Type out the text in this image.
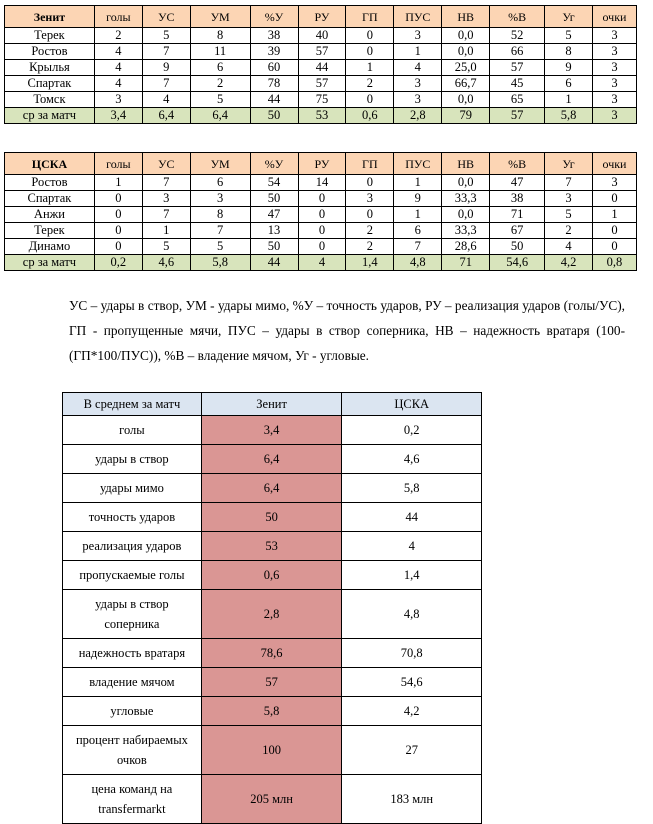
Зенит	голы	УС	УМ	%У	РУ	ГП	ПУС	НВ	%В	Уг	очки
Терек	2	5	8	38	40	0	3	0,0	52	5	3
Ростов	4	7	11	39	57	0	1	0,0	66	8	3
Крылья	4	9	6	60	44	1	4	25,0	57	9	3
Спартак	4	7	2	78	57	2	3	66,7	45	6	3
Томск	3	4	5	44	75	0	3	0,0	65	1	3
ср за матч	3,4	6,4	6,4	50	53	0,6	2,8	79	57	5,8	3
ЦСКА	голы	УС	УМ	%У	РУ	ГП	ПУС	НВ	%В	Уг	очки
Ростов	1	7	6	54	14	0	1	0,0	47	7	3
Спартак	0	3	3	50	0	3	9	33,3	38	3	0
Анжи	0	7	8	47	0	0	1	0,0	71	5	1
Терек	0	1	7	13	0	2	6	33,3	67	2	0
Динамо	0	5	5	50	0	2	7	28,6	50	4	0
ср за матч	0,2	4,6	5,8	44	4	1,4	4,8	71	54,6	4,2	0,8
УС – удары в створ, УМ - удары мимо, %У – точность ударов, РУ – реализация ударов (голы/УС), ГП - пропущенные мячи, ПУС – удары в створ соперника, НВ – надежность вратаря (100-(ГП*100/ПУС)), %В – владение мячом, Уг - угловые.
В среднем за матч	Зенит	ЦСКА
голы	3,4	0,2
удары в створ	6,4	4,6
удары мимо	6,4	5,8
точность ударов	50	44
реализация ударов	53	4
пропускаемые голы	0,6	1,4
удары в створ соперника	2,8	4,8
надежность вратаря	78,6	70,8
владение мячом	57	54,6
угловые	5,8	4,2
процент набираемых очков	100	27
цена команд на transfermarkt	205 млн	183 млн
